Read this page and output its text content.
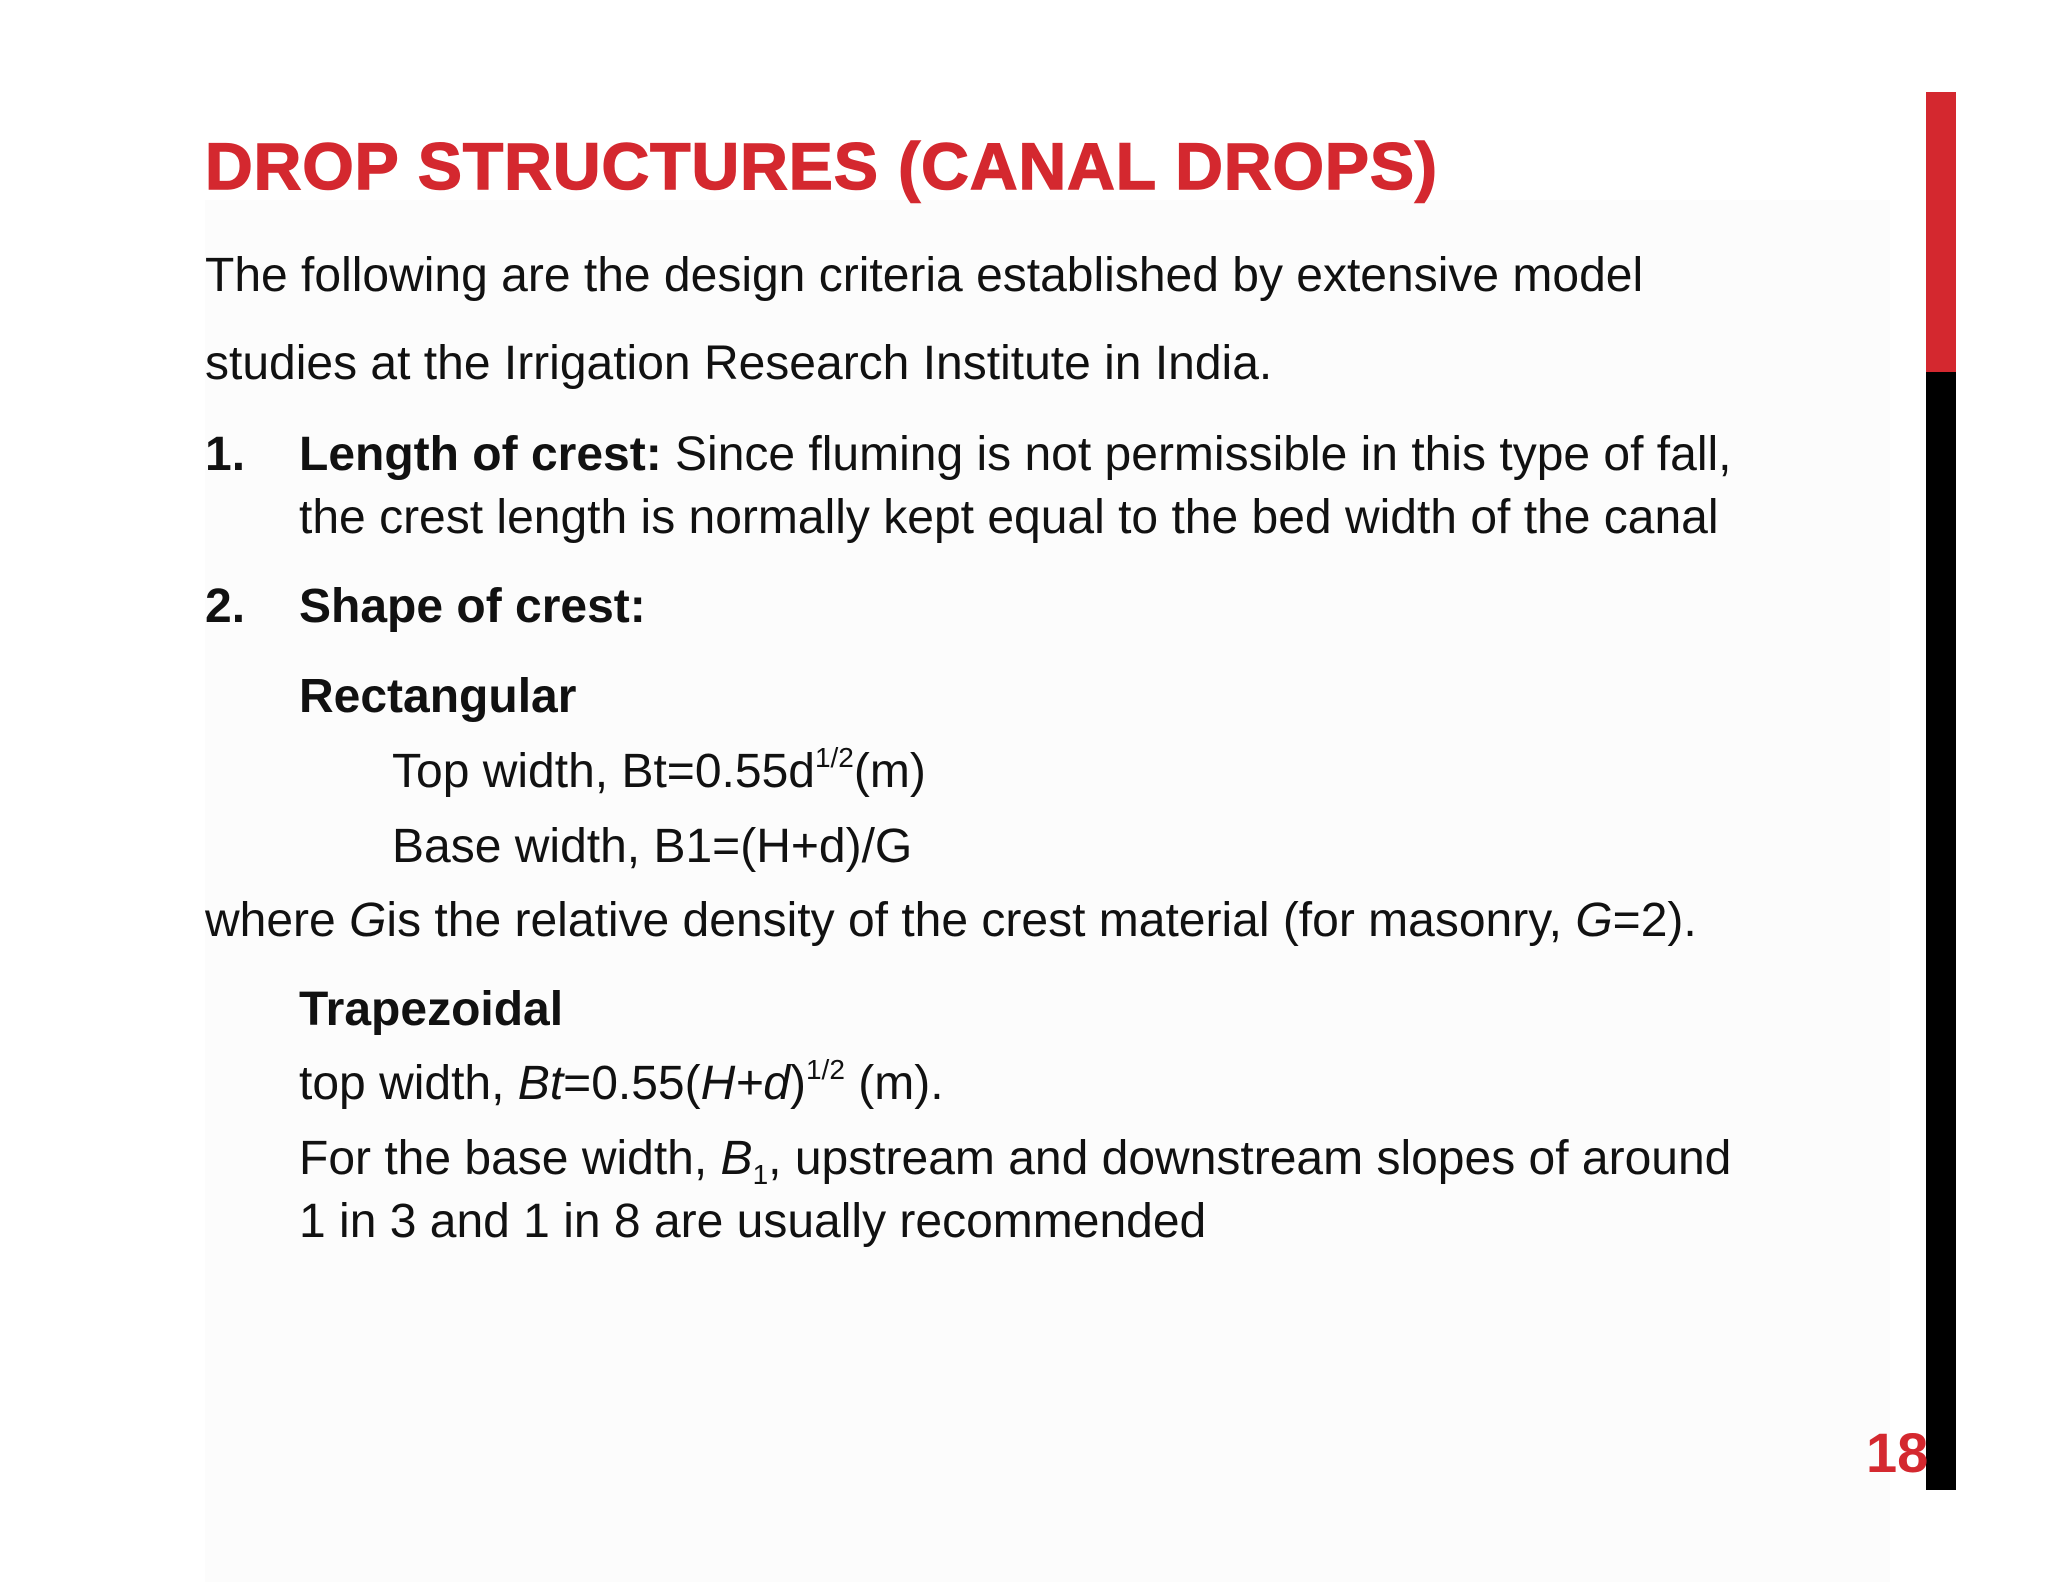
DROP STRUCTURES (CANAL DROPS)
The following are the design criteria established by extensive model
studies at the Irrigation Research Institute in India.
1. Length of crest: Since fluming is not permissible in this type of fall,
the crest length is normally kept equal to the bed width of the canal
2. Shape of crest:
Rectangular
Top width, $Bt=0.55d^{1/2}(m)$
Base width, B1=(H+d)/G
where Gis the relative density of the crest material (for masonry, G=2).
Trapezoidal
top width, $Bt=0.55(H+d)^{1/2}$ (m).
For the base width, $B_1$, upstream and downstream slopes of around
1 in 3 and 1 in 8 are usually recommended
18
